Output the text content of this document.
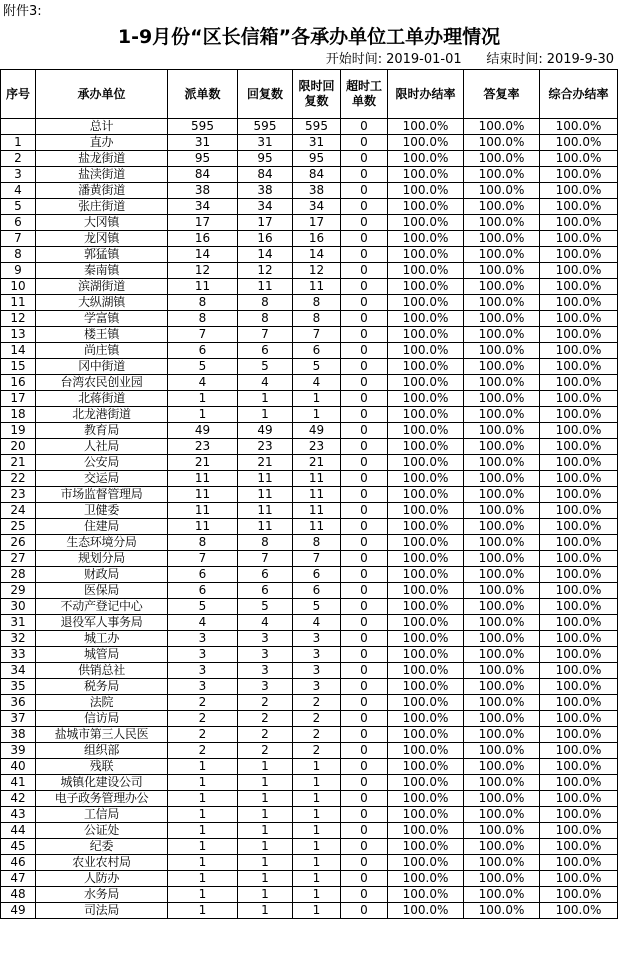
附件3:
1-9月份“区长信箱”各承办单位工单办理情况
开始时间: 2019-01-01 结束时间: 2019-9-30
序号	承办单位	派单数	回复数	限时回复数	超时工单数	限时办结率	答复率	综合办结率
	总计	595	595	595	0	100.0%	100.0%	100.0%
1	直办	31	31	31	0	100.0%	100.0%	100.0%
2	盐龙街道	95	95	95	0	100.0%	100.0%	100.0%
3	盐渎街道	84	84	84	0	100.0%	100.0%	100.0%
4	潘黄街道	38	38	38	0	100.0%	100.0%	100.0%
5	张庄街道	34	34	34	0	100.0%	100.0%	100.0%
6	大冈镇	17	17	17	0	100.0%	100.0%	100.0%
7	龙冈镇	16	16	16	0	100.0%	100.0%	100.0%
8	郭猛镇	14	14	14	0	100.0%	100.0%	100.0%
9	秦南镇	12	12	12	0	100.0%	100.0%	100.0%
10	滨湖街道	11	11	11	0	100.0%	100.0%	100.0%
11	大纵湖镇	8	8	8	0	100.0%	100.0%	100.0%
12	学富镇	8	8	8	0	100.0%	100.0%	100.0%
13	楼王镇	7	7	7	0	100.0%	100.0%	100.0%
14	尚庄镇	6	6	6	0	100.0%	100.0%	100.0%
15	冈中街道	5	5	5	0	100.0%	100.0%	100.0%
16	台湾农民创业园	4	4	4	0	100.0%	100.0%	100.0%
17	北蒋街道	1	1	1	0	100.0%	100.0%	100.0%
18	北龙港街道	1	1	1	0	100.0%	100.0%	100.0%
19	教育局	49	49	49	0	100.0%	100.0%	100.0%
20	人社局	23	23	23	0	100.0%	100.0%	100.0%
21	公安局	21	21	21	0	100.0%	100.0%	100.0%
22	交运局	11	11	11	0	100.0%	100.0%	100.0%
23	市场监督管理局	11	11	11	0	100.0%	100.0%	100.0%
24	卫健委	11	11	11	0	100.0%	100.0%	100.0%
25	住建局	11	11	11	0	100.0%	100.0%	100.0%
26	生态环境分局	8	8	8	0	100.0%	100.0%	100.0%
27	规划分局	7	7	7	0	100.0%	100.0%	100.0%
28	财政局	6	6	6	0	100.0%	100.0%	100.0%
29	医保局	6	6	6	0	100.0%	100.0%	100.0%
30	不动产登记中心	5	5	5	0	100.0%	100.0%	100.0%
31	退役军人事务局	4	4	4	0	100.0%	100.0%	100.0%
32	城工办	3	3	3	0	100.0%	100.0%	100.0%
33	城管局	3	3	3	0	100.0%	100.0%	100.0%
34	供销总社	3	3	3	0	100.0%	100.0%	100.0%
35	税务局	3	3	3	0	100.0%	100.0%	100.0%
36	法院	2	2	2	0	100.0%	100.0%	100.0%
37	信访局	2	2	2	0	100.0%	100.0%	100.0%
38	盐城市第三人民医	2	2	2	0	100.0%	100.0%	100.0%
39	组织部	2	2	2	0	100.0%	100.0%	100.0%
40	残联	1	1	1	0	100.0%	100.0%	100.0%
41	城镇化建设公司	1	1	1	0	100.0%	100.0%	100.0%
42	电子政务管理办公	1	1	1	0	100.0%	100.0%	100.0%
43	工信局	1	1	1	0	100.0%	100.0%	100.0%
44	公证处	1	1	1	0	100.0%	100.0%	100.0%
45	纪委	1	1	1	0	100.0%	100.0%	100.0%
46	农业农村局	1	1	1	0	100.0%	100.0%	100.0%
47	人防办	1	1	1	0	100.0%	100.0%	100.0%
48	水务局	1	1	1	0	100.0%	100.0%	100.0%
49	司法局	1	1	1	0	100.0%	100.0%	100.0%
